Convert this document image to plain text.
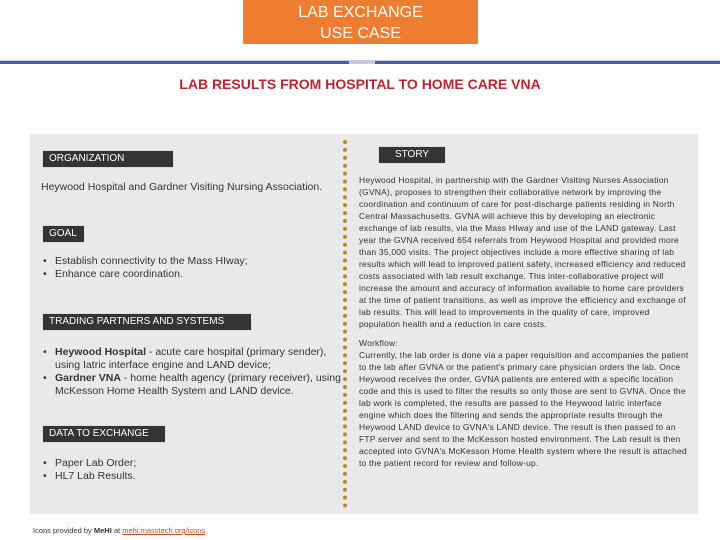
LAB EXCHANGE
USE CASE
LAB RESULTS FROM HOSPITAL TO HOME CARE VNA
ORGANIZATION
Heywood Hospital and Gardner Visiting Nursing Association.
GOAL
• Establish connectivity to the Mass HIway;
• Enhance care coordination.
TRADING PARTNERS AND SYSTEMS
• Heywood Hospital - acute care hospital (primary sender), using Iatric interface engine and LAND device;
• Gardner VNA - home health agency (primary receiver), using McKesson Home Health System and LAND device.
DATA TO EXCHANGE
• Paper Lab Order;
• HL7 Lab Results.
STORY
Heywood Hospital, in partnership with the Gardner Visiting Nurses Association (GVNA), proposes to strengthen their collaborative network by improving the coordination and continuum of care for post-discharge patients residing in North Central Massachusetts. GVNA will achieve this by developing an electronic exchange of lab results, via the Mass HIway and use of the LAND gateway. Last year the GVNA received 654 referrals from Heywood Hospital and provided more than 35,000 visits. The project objectives include a more effective sharing of lab results which will lead to improved patient safety, increased efficiency and reduced costs associated with lab result exchange. This inter-collaborative project will increase the amount and accuracy of information available to home care providers at the time of patient transitions, as well as improve the efficiency and exchange of lab results. This will lead to improvements in the quality of care, improved population health and a reduction in care costs.
Workflow:
Currently, the lab order is done via a paper requisition and accompanies the patient to the lab after GVNA or the patient's primary care physician orders the lab. Once Heywood receives the order, GVNA patients are entered with a specific location code and this is used to filter the results so only those are sent to GVNA. Once the lab work is completed, the results are passed to the Heywood Iatric interface engine which does the filtering and sends the appropriate results through the Heywood LAND device to GVNA's LAND device. The result is then passed to an FTP server and sent to the McKesson hosted environment. The Lab result is then accepted into GVNA's McKesson Home Health system where the result is attached to the patient record for review and follow-up.
Icons provided by MeHI at mehi.masstech.org/icons
